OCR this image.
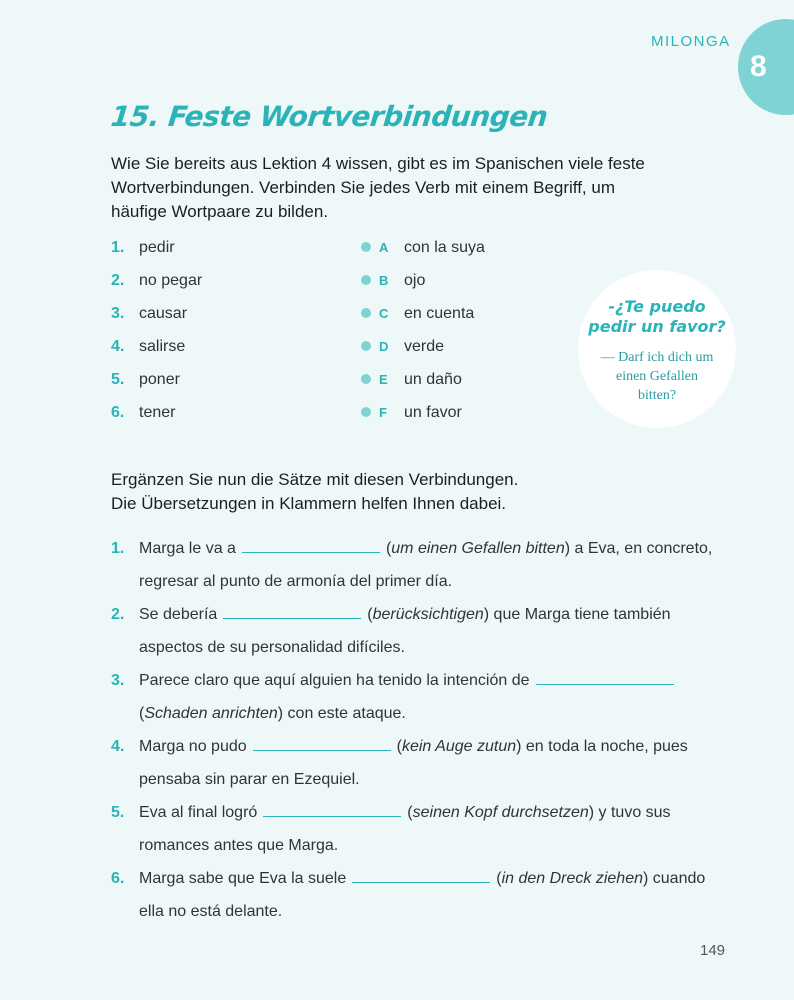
MILONGA
8
15. Feste Wortverbindungen
Wie Sie bereits aus Lektion 4 wissen, gibt es im Spanischen viele feste Wortverbindungen. Verbinden Sie jedes Verb mit einem Begriff, um häufige Wortpaare zu bilden.
1. pedir
2. no pegar
3. causar
4. salirse
5. poner
6. tener
A con la suya
B ojo
C en cuenta
D verde
E un daño
F un favor
-¿Te puedo
pedir un favor?
— Darf ich dich um
einen Gefallen
bitten?
Ergänzen Sie nun die Sätze mit diesen Verbindungen.
Die Übersetzungen in Klammern helfen Ihnen dabei.
1. Marga le va a	(um einen Gefallen bitten) a Eva, en concreto,
regresar al punto de armonía del primer día.
2. Se debería	(berücksichtigen) que Marga tiene también
aspectos de su personalidad difíciles.
3. Parece claro que aquí alguien ha tenido la intención de
(Schaden anrichten) con este ataque.
4. Marga no pudo	(kein Auge zutun) en toda la noche, pues
pensaba sin parar en Ezequiel.
5. Eva al final logró	(seinen Kopf durchsetzen) y tuvo sus
romances antes que Marga.
6. Marga sabe que Eva la suele	(in den Dreck ziehen) cuando
ella no está delante.
149
